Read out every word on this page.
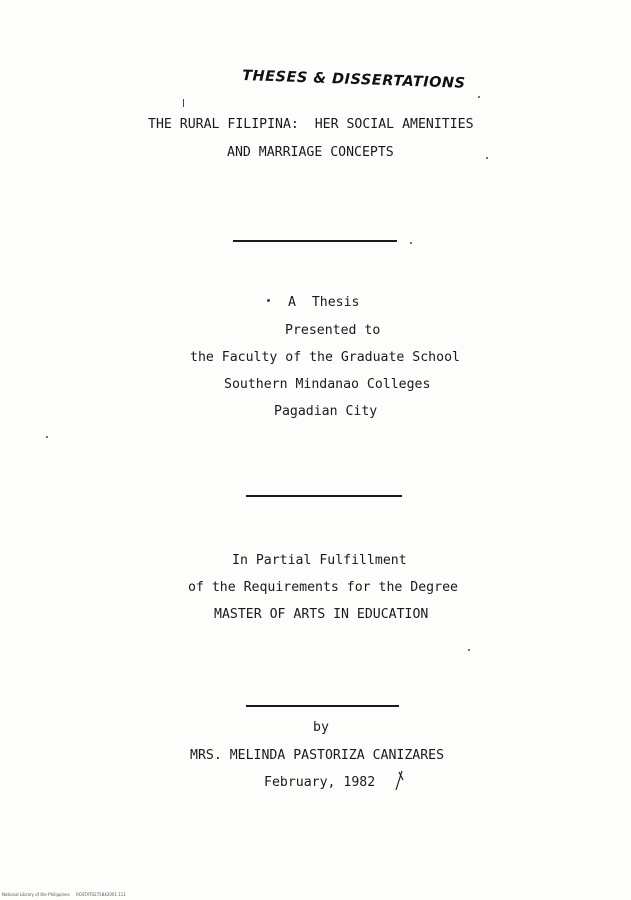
THESES & DISSERTATIONS
THE RURAL FILIPINA:  HER SOCIAL AMENITIES
AND MARRIAGE CONCEPTS
A  Thesis
Presented to
the Faculty of the Graduate School
Southern Mindanao Colleges
Pagadian City
In Partial Fulfillment
of the Requirements for the Degree
MASTER OF ARTS IN EDUCATION
by
MRS. MELINDA PASTORIZA CANIZARES
February, 1982
National Library of the Philippines     ROSTAT0275842001 111
